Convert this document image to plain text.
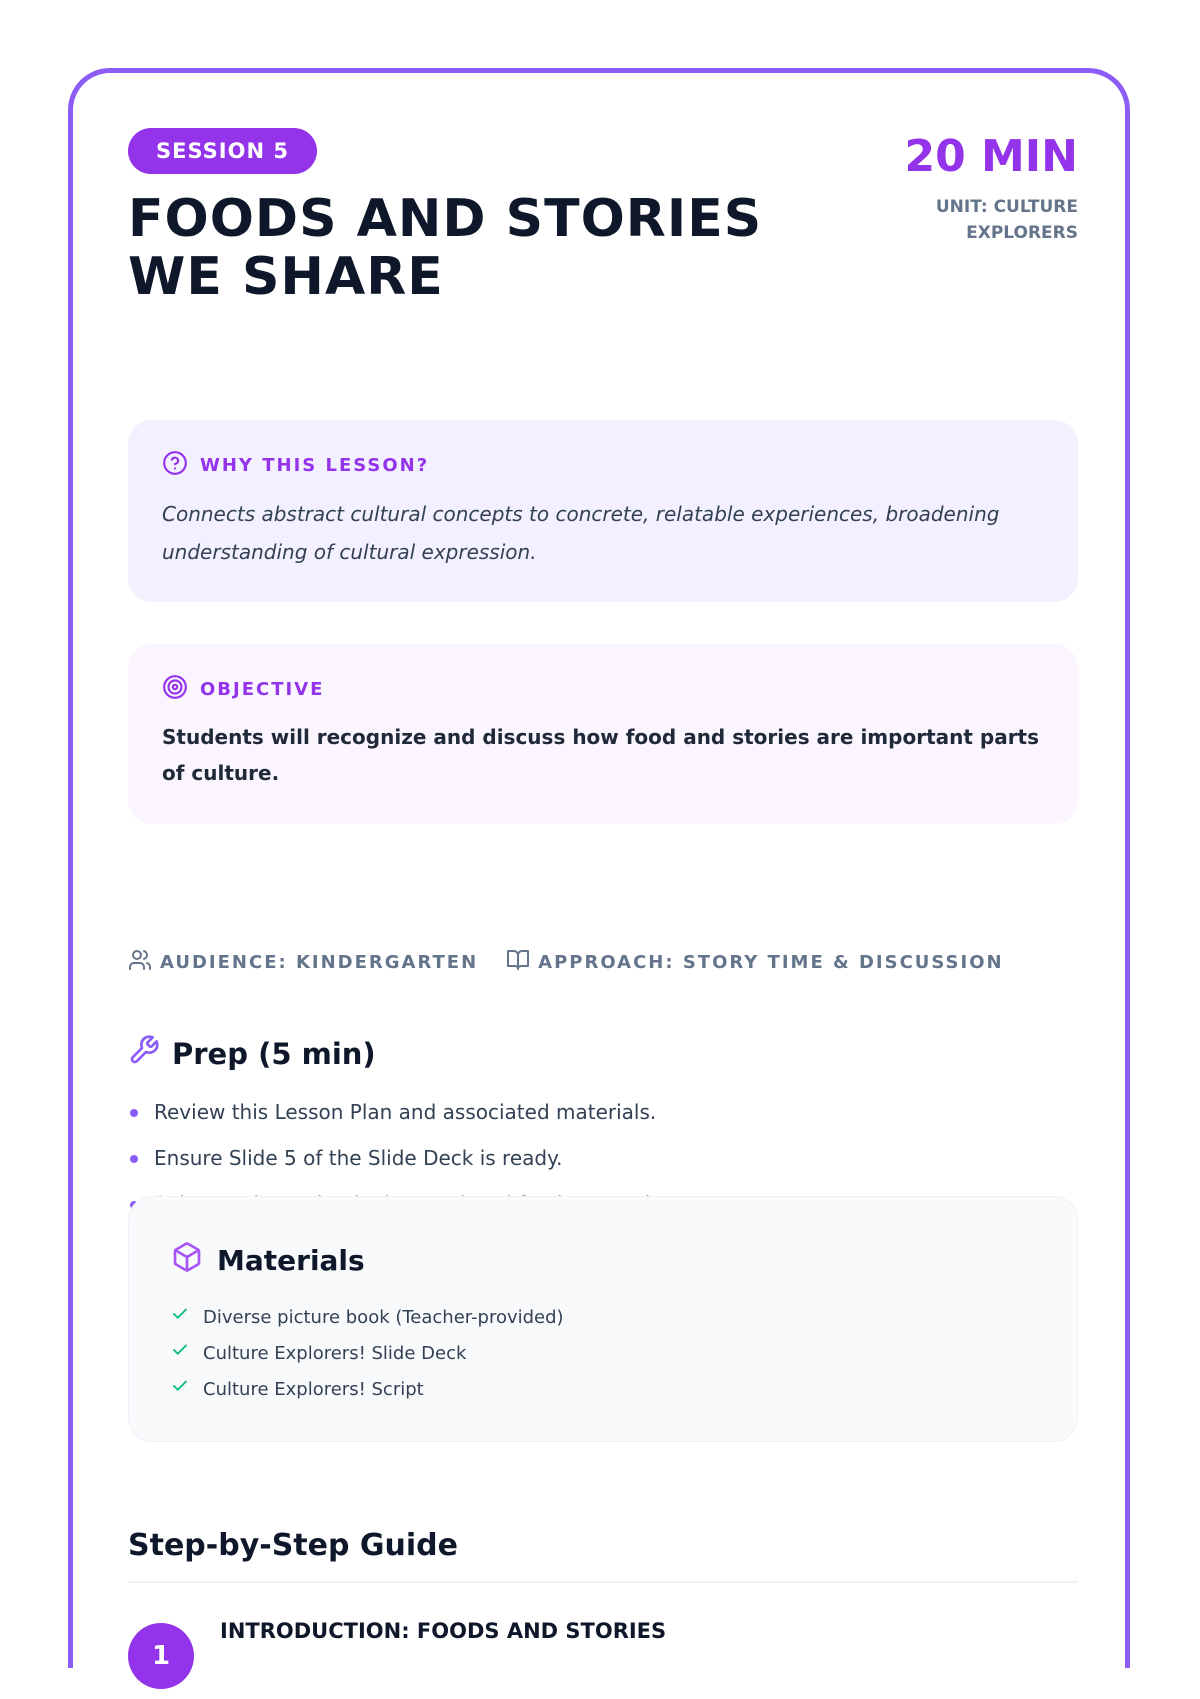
SESSION 5
FOODS AND STORIES WE SHARE
20 MIN
UNIT: CULTURE EXPLORERS
WHY THIS LESSON?
Connects abstract cultural concepts to concrete, relatable experiences, broadening understanding of cultural expression.
OBJECTIVE
Students will recognize and discuss how food and stories are important parts of culture.
AUDIENCE: KINDERGARTEN	APPROACH: STORY TIME & DISCUSSION
Prep (5 min)
Review this Lesson Plan and associated materials.
Ensure Slide 5 of the Slide Deck is ready.
Materials
Diverse picture book (Teacher-provided)
Culture Explorers! Slide Deck
Culture Explorers! Script
Step-by-Step Guide
1
INTRODUCTION: FOODS AND STORIES
